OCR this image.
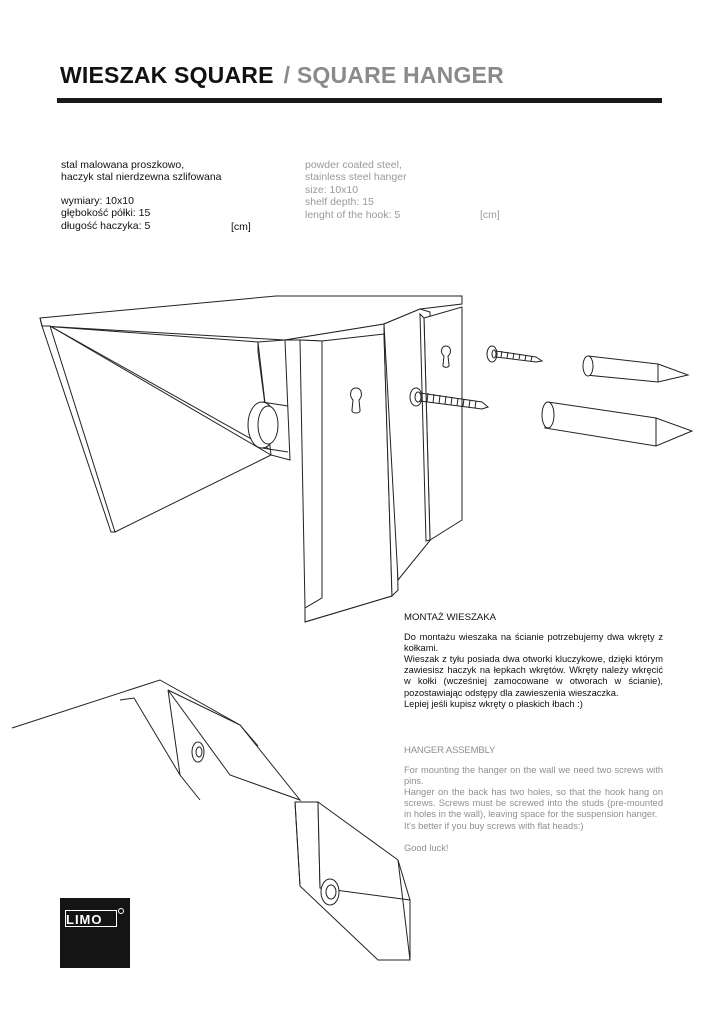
WIESZAK SQUARE / SQUARE HANGER
stal malowana proszkowo,
haczyk stal nierdzewna szlifowana
wymiary: 10x10
głębokość półki: 15
długość haczyka: 5	[cm]
powder coated steel,
stainless steel hanger
size: 10x10
shelf depth: 15
lenght of the hook: 5	[cm]

MONTAŻ WIESZAKA

Do montażu wieszaka na ścianie potrzebujemy dwa wkręty z kołkami.

Wieszak z tyłu posiada dwa otworki kluczykowe, dzięki którym zawiesisz haczyk na łepkach wkrętów. Wkręty należy wkręcić w kołki (wcześniej zamocowane w otworach w ścianie), pozostawiając odstępy dla zawieszenia wieszaczka.

Lepiej jeśli kupisz wkręty o płaskich łbach :)

HANGER ASSEMBLY

For mounting the hanger on the wall we need two screws with pins.

Hanger on the back has two holes, so that the hook hang on screws. Screws must be screwed into the studs (pre-mounted in holes in the wall), leaving space for the suspension hanger.

It's better if you buy screws with flat heads:)

Good luck!

LIMO
